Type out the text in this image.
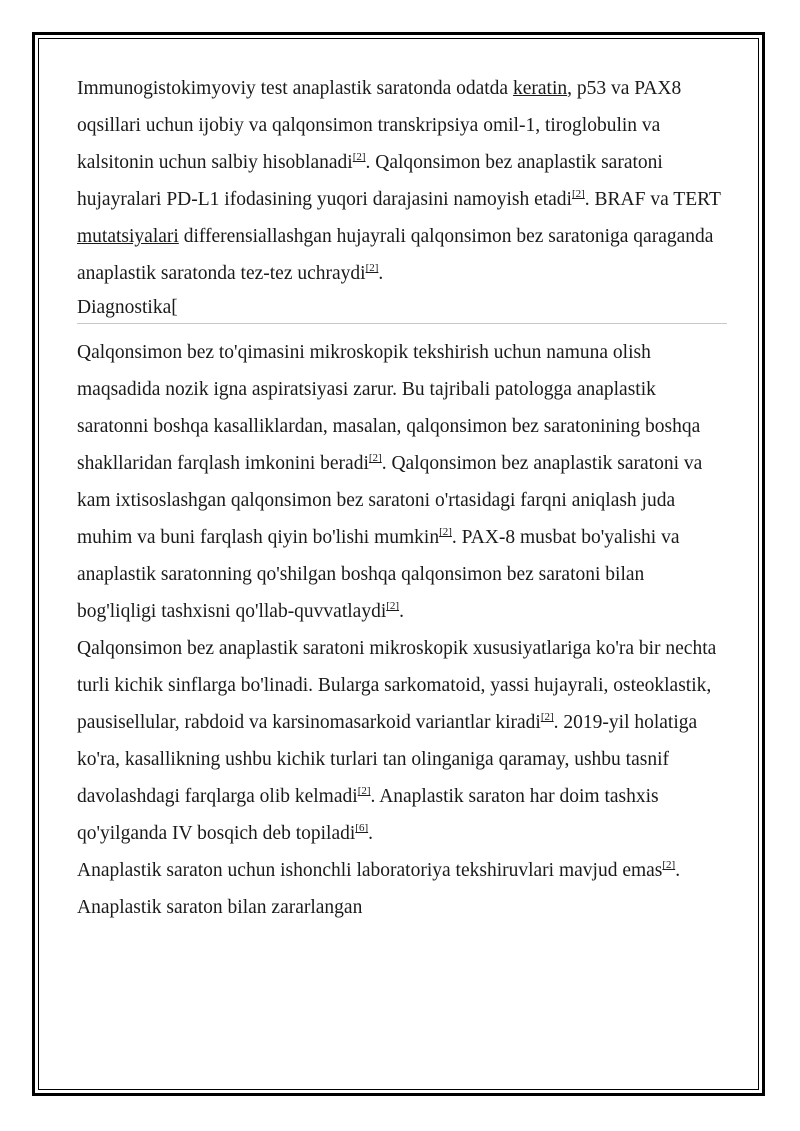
Immunogistokimyoviy test anaplastik saratonda odatda keratin, p53 va PAX8 oqsillari uchun ijobiy va qalqonsimon transkripsiya omil-1, tiroglobulin va kalsitonin uchun salbiy hisoblanadi[2]. Qalqonsimon bez anaplastik saratoni hujayralari PD-L1 ifodasining yuqori darajasini namoyish etadi[2]. BRAF va TERT mutatsiyalari differensiallashgan hujayrali qalqonsimon bez saratoniga qaraganda anaplastik saratonda tez-tez uchraydi[2].

Diagnostika[

Qalqonsimon bez to'qimasini mikroskopik tekshirish uchun namuna olish maqsadida nozik igna aspiratsiyasi zarur. Bu tajribali patologga anaplastik saratonni boshqa kasalliklardan, masalan, qalqonsimon bez saratonining boshqa shakllaridan farqlash imkonini beradi[2]. Qalqonsimon bez anaplastik saratoni va kam ixtisoslashgan qalqonsimon bez saratoni o'rtasidagi farqni aniqlash juda muhim va buni farqlash qiyin bo'lishi mumkin[2]. PAX-8 musbat bo'yalishi va anaplastik saratonning qo'shilgan boshqa qalqonsimon bez saratoni bilan bog'liqligi tashxisni qo'llab-quvvatlaydi[2].

Qalqonsimon bez anaplastik saratoni mikroskopik xususiyatlariga ko'ra bir nechta turli kichik sinflarga bo'linadi. Bularga sarkomatoid, yassi hujayrali, osteoklastik, pausisellular, rabdoid va karsinomasarkoid variantlar kiradi[2]. 2019-yil holatiga ko'ra, kasallikning ushbu kichik turlari tan olinganiga qaramay, ushbu tasnif davolashdagi farqlarga olib kelmadi[2]. Anaplastik saraton har doim tashxis qo'yilganda IV bosqich deb topiladi[6].

Anaplastik saraton uchun ishonchli laboratoriya tekshiruvlari mavjud emas[2]. Anaplastik saraton bilan zararlangan
